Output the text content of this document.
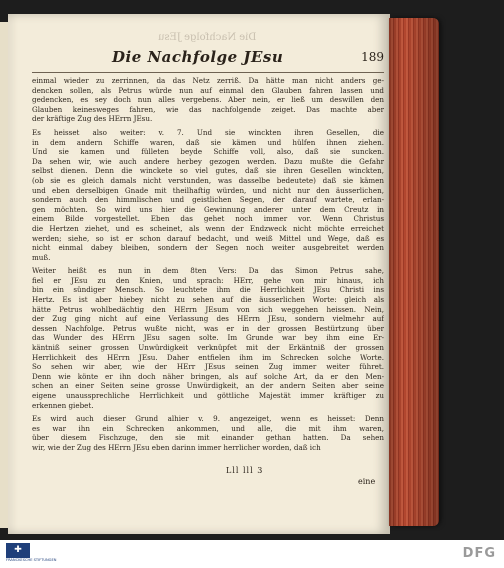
Die Nachfolge JEsu
Die Nachfolge JEsu	189

einmal wieder zu zerrinnen, da das Netz zerriß. Da hätte man nicht anders ge-

dencken sollen, als Petrus würde nun auf einmal den Glauben fahren lassen und

gedencken, es sey doch nun alles vergebens. Aber nein, er ließ um deswillen den

Glauben keinesweges fahren, wie das nachfolgende zeiget. Das machte aber

der kräftige Zug des HErrn JEsu.

Es heisset also weiter: v. 7. Und sie winckten ihren Gesellen, die

in dem andern Schiffe waren, daß sie kämen und hülfen ihnen ziehen.

Und sie kamen und fülleten beyde Schiffe voll, also, daß sie suncken.

Da sehen wir, wie auch andere herbey gezogen werden. Dazu mußte die Gefahr

selbst dienen. Denn die winckete so viel gutes, daß sie ihren Gesellen winckten,

(ob sie es gleich damals nicht verstunden, was dasselbe bedeutete) daß sie kämen

und eben derselbigen Gnade mit theilhaftig würden, und nicht nur den äusserlichen,

sondern auch den himmlischen und geistlichen Segen, der darauf wartete, erlan-

gen möchten. So wird uns hier die Gewinnung anderer unter dem Creutz in

einem Bilde vorgestellet. Eben das gehet noch immer vor. Wenn Christus

die Hertzen ziehet, und es scheinet, als wenn der Endzweck nicht möchte erreichet

werden; siehe, so ist er schon darauf bedacht, und weiß Mittel und Wege, daß es

nicht einmal dabey bleiben, sondern der Segen noch weiter ausgebreitet werden

muß.

Weiter heißt es nun in dem 8ten Vers: Da das Simon Petrus sahe,

fiel er JEsu zu den Knien, und sprach: HErr, gehe von mir hinaus, ich

bin ein sündiger Mensch. So leuchtete ihm die Herrlichkeit JEsu Christi ins

Hertz. Es ist aber hiebey nicht zu sehen auf die äusserlichen Worte: gleich als

hätte Petrus wohlbedächtig den HErrn JEsum von sich weggehen heissen. Nein,

der Zug ging nicht auf eine Verlassung des HErrn JEsu, sondern vielmehr auf

dessen Nachfolge. Petrus wußte nicht, was er in der grossen Bestürtzung über

das Wunder des HErrn JEsu sagen solte. Im Grunde war bey ihm eine Er-

käntniß seiner grossen Unwürdigkeit verknüpfet mit der Erkäntniß der grossen

Herrlichkeit des HErrn JEsu. Daher entfielen ihm im Schrecken solche Worte.

So sehen wir aber, wie der HErr JEsus seinen Zug immer weiter führet.

Denn wie könte er ihn doch näher bringen, als auf solche Art, da er den Men-

schen an einer Seiten seine grosse Unwürdigkeit, an der andern Seiten aber seine

eigene unaussprechliche Herrlichkeit und göttliche Majestät immer kräftiger zu

erkennen giebet.

Es wird auch dieser Grund alhier v. 9. angezeiget, wenn es heisset: Denn

es war ihn ein Schrecken ankommen, und alle, die mit ihm waren,

über diesem Fischzuge, den sie mit einander gethan hatten. Da sehen

wir, wie der Zug des HErrn JEsu eben darinn immer herrlicher worden, daß ich

Lll lll 3
eine
✚
FRANCKESCHE STIFTUNGEN	DFG
